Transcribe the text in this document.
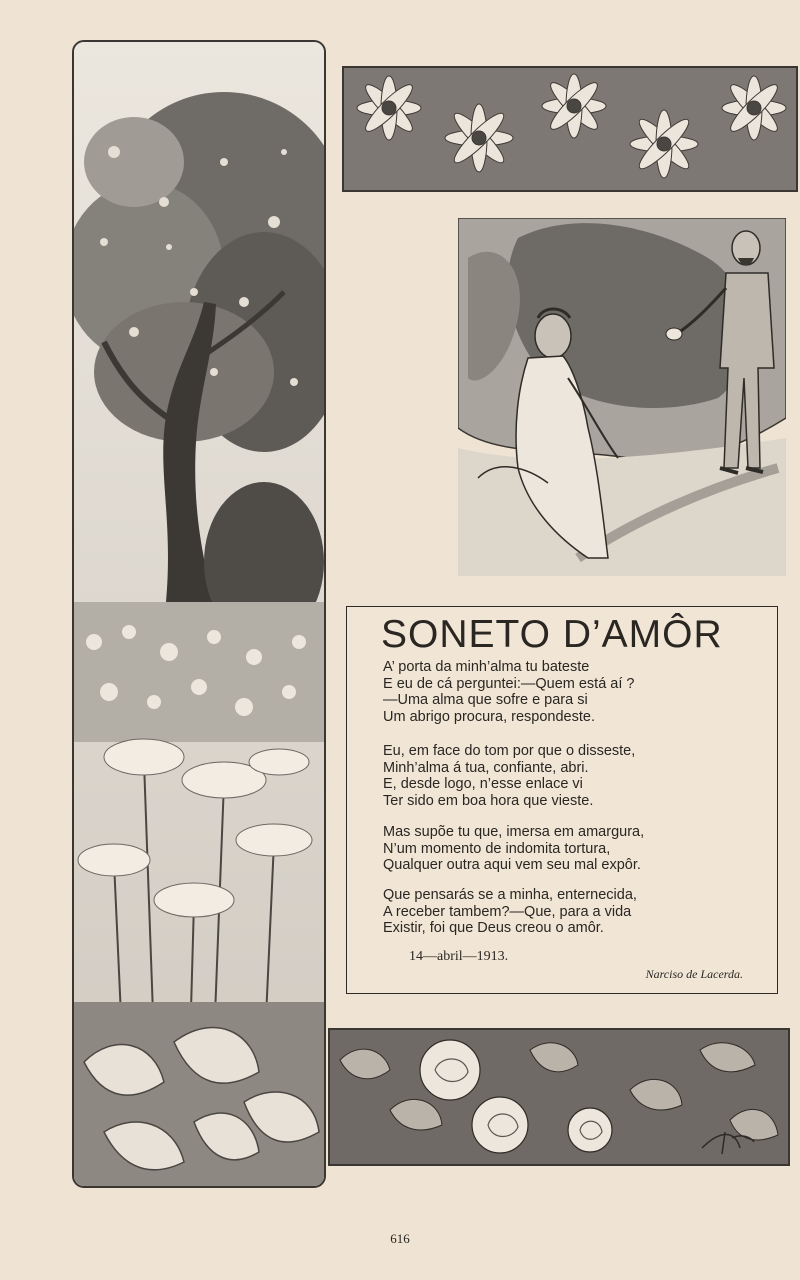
SONETO D’AMÔR
A’ porta da minh’alma tu bateste
E eu de cá perguntei:—Quem está aí ?
—Uma alma que sofre e para si
Um abrigo procura, respondeste.
Eu, em face do tom por que o disseste,
Minh’alma á tua, confiante, abri.
E, desde logo, n’esse enlace vi
Ter sido em boa hora que vieste.
Mas supõe tu que, imersa em amargura,
N’um momento de indomita tortura,
Qualquer outra aqui vem seu mal expôr.
Que pensarás se a minha, enternecida,
A receber tambem?—Que, para a vida
Existir, foi que Deus creou o amôr.
14—abril—1913.
Narciso de Lacerda.
616
